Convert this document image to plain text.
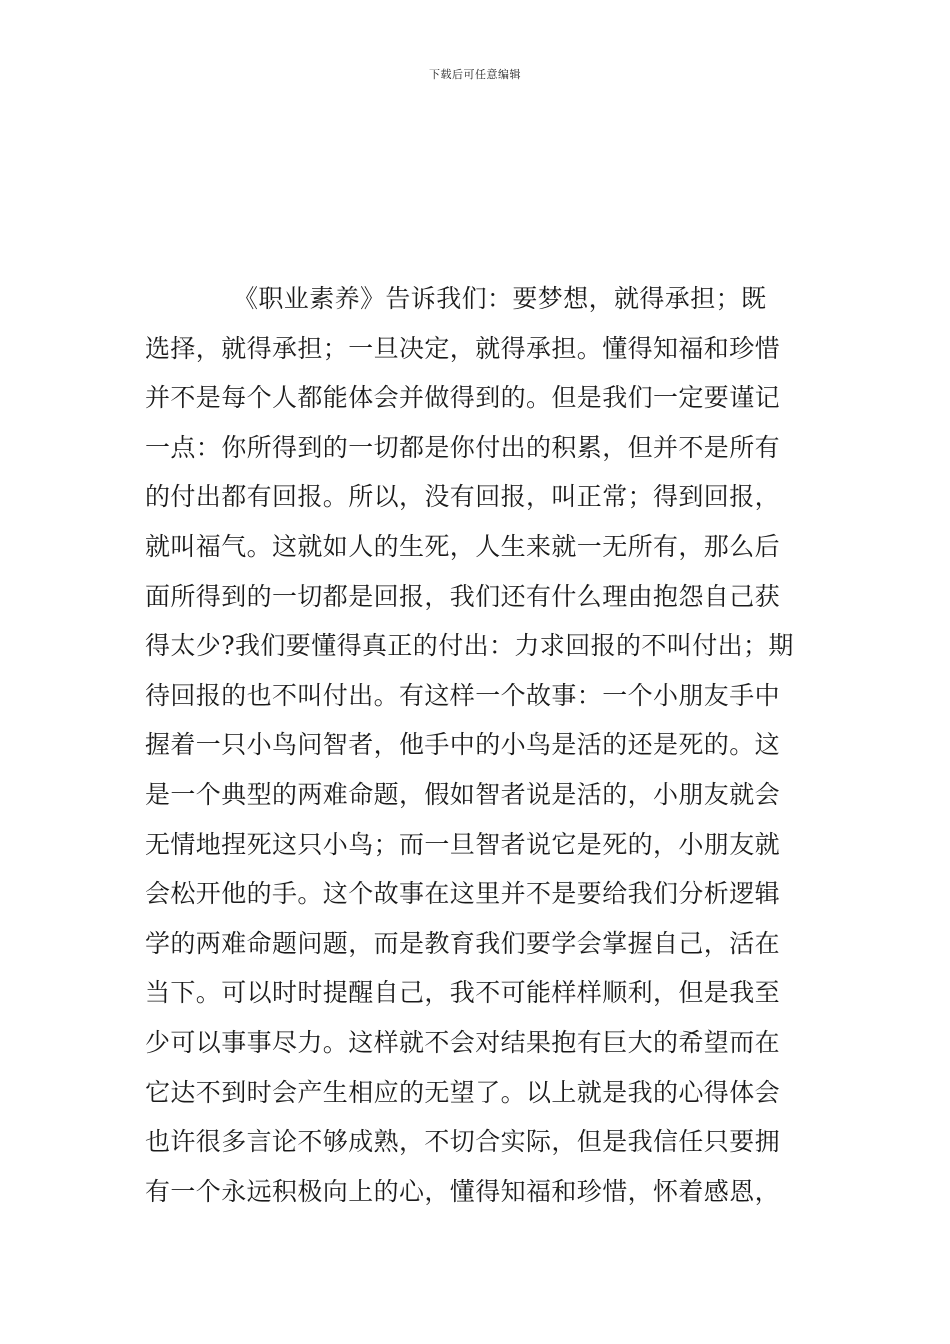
下载后可任意编辑
《职业素养》告诉我们：要梦想，就得承担；既
选择，就得承担；一旦决定，就得承担。懂得知福和珍惜
并不是每个人都能体会并做得到的。但是我们一定要谨记
一点：你所得到的一切都是你付出的积累，但并不是所有
的付出都有回报。所以，没有回报，叫正常；得到回报，
就叫福气。这就如人的生死，人生来就一无所有，那么后
面所得到的一切都是回报，我们还有什么理由抱怨自己获
得太少?我们要懂得真正的付出：力求回报的不叫付出；期
待回报的也不叫付出。有这样一个故事：一个小朋友手中
握着一只小鸟问智者，他手中的小鸟是活的还是死的。这
是一个典型的两难命题，假如智者说是活的，小朋友就会
无情地捏死这只小鸟；而一旦智者说它是死的，小朋友就
会松开他的手。这个故事在这里并不是要给我们分析逻辑
学的两难命题问题，而是教育我们要学会掌握自己，活在
当下。可以时时提醒自己，我不可能样样顺利，但是我至
少可以事事尽力。这样就不会对结果抱有巨大的希望而在
它达不到时会产生相应的无望了。以上就是我的心得体会
也许很多言论不够成熟，不切合实际，但是我信任只要拥
有一个永远积极向上的心，懂得知福和珍惜，怀着感恩，
